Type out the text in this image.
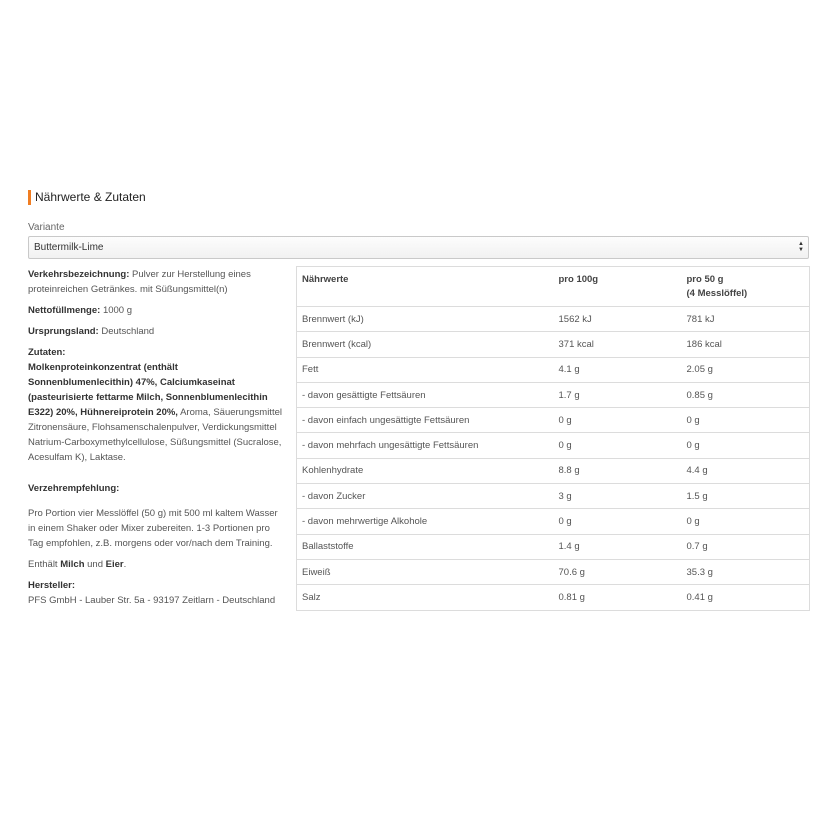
Nährwerte & Zutaten
Variante
Buttermilk-Lime	▲
▼
Verkehrsbezeichnung: Pulver zur Herstellung eines proteinreichen Getränkes. mit Süßungsmittel(n)
Nettofüllmenge: 1000 g
Ursprungsland: Deutschland
Zutaten:
Molkenproteinkonzentrat (enthält Sonnenblumenlecithin) 47%, Calciumkaseinat (pasteurisierte fettarme Milch, Sonnenblumenlecithin E322) 20%, Hühnereiprotein 20%, Aroma, Säuerungsmittel Zitronensäure, Flohsamenschalenpulver, Verdickungsmittel Natrium-Carboxymethylcellulose, Süßungsmittel (Sucralose, Acesulfam K), Laktase.
Verzehrempfehlung:
Pro Portion vier Messlöffel (50 g) mit 500 ml kaltem Wasser in einem Shaker oder Mixer zubereiten. 1-3 Portionen pro Tag empfohlen, z.B. morgens oder vor/nach dem Training.
Enthält Milch und Eier.
Hersteller:
PFS GmbH - Lauber Str. 5a - 93197 Zeitlarn - Deutschland
Nährwerte	pro 100g	pro 50 g
(4 Messlöffel)
Brennwert (kJ)	1562 kJ	781 kJ
Brennwert (kcal)	371 kcal	186 kcal
Fett	4.1 g	2.05 g
- davon gesättigte Fettsäuren	1.7 g	0.85 g
- davon einfach ungesättigte Fettsäuren	0 g	0 g
- davon mehrfach ungesättigte Fettsäuren	0 g	0 g
Kohlenhydrate	8.8 g	4.4 g
- davon Zucker	3 g	1.5 g
- davon mehrwertige Alkohole	0 g	0 g
Ballaststoffe	1.4 g	0.7 g
Eiweiß	70.6 g	35.3 g
Salz	0.81 g	0.41 g
